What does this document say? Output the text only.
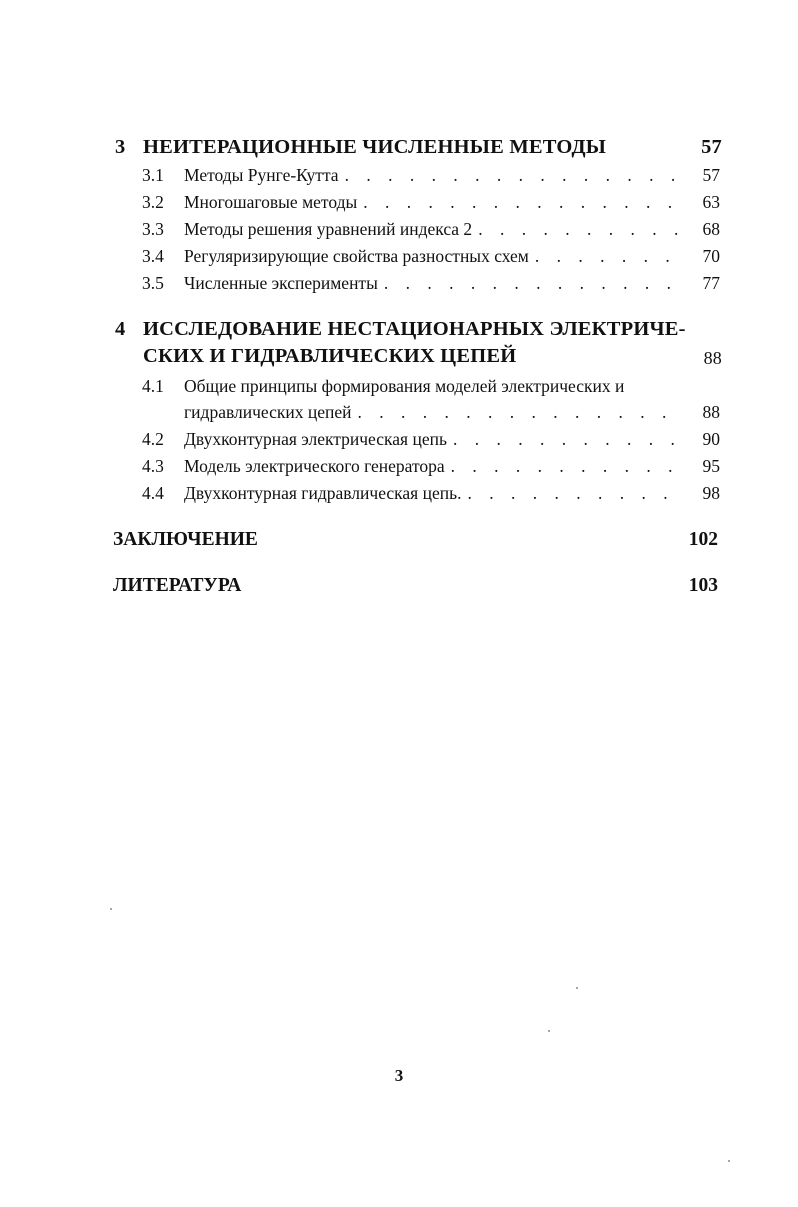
3 НЕИТЕРАЦИОННЫЕ ЧИСЛЕННЫЕ МЕТОДЫ	57
3.1 Методы Рунге-Кутта . . .	57
3.2 Многошаговые методы . . .	63
3.3 Методы решения уравнений индекса 2 . . .	68
3.4 Регуляризирующие свойства разностных схем . . .	70
3.5 Численные эксперименты . . .	77
4 ИССЛЕДОВАНИЕ НЕСТАЦИОНАРНЫХ ЭЛЕКТРИЧЕ-
СКИХ И ГИДРАВЛИЧЕСКИХ ЦЕПЕЙ	88
4.1 Общие принципы формирования моделей электрических и
гидравлических цепей . . .	88
4.2 Двухконтурная электрическая цепь . . .	90
4.3 Модель электрического генератора . . .	95
4.4 Двухконтурная гидравлическая цепь. . . .	98
ЗАКЛЮЧЕНИЕ	102
ЛИТЕРАТУРА	103
3
